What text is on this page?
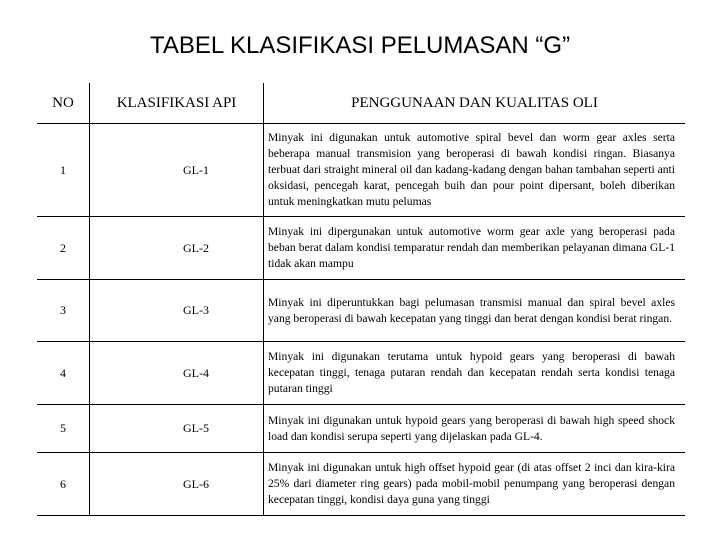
TABEL KLASIFIKASI PELUMASAN “G”
NO	KLASIFIKASI API	PENGGUNAAN DAN KUALITAS OLI
1	GL-1	Minyak ini digunakan untuk automotive spiral bevel dan worm gear axles serta beberapa manual transmision yang beroperasi di bawah kondisi ringan. Biasanya terbuat dari straight mineral oil dan kadang-kadang dengan bahan tambahan seperti anti oksidasi, pencegah karat, pencegah buih dan pour point dipersant, boleh diberikan untuk meningkatkan mutu pelumas
2	GL-2	Minyak ini dipergunakan untuk automotive worm gear axle yang beroperasi pada beban berat dalam kondisi temparatur rendah dan memberikan pelayanan dimana GL-1 tidak akan mampu
3	GL-3	Minyak ini diperuntukkan bagi pelumasan transmisi manual dan spiral bevel axles yang beroperasi di bawah kecepatan yang tinggi dan berat dengan kondisi berat ringan.
4	GL-4	Minyak ini digunakan terutama untuk hypoid gears yang beroperasi di bawah kecepatan tinggi, tenaga putaran rendah dan kecepatan rendah serta kondisi tenaga putaran tinggi
5	GL-5	Minyak ini digunakan untuk hypoid gears yang beroperasi di bawah high speed shock load dan kondisi serupa seperti yang dijelaskan pada GL-4.
6	GL-6	Minyak ini digunakan untuk high offset hypoid gear (di atas offset 2 inci dan kira-kira 25% dari diameter ring gears) pada mobil-mobil penumpang yang beroperasi dengan kecepatan tinggi, kondisi daya guna yang tinggi
